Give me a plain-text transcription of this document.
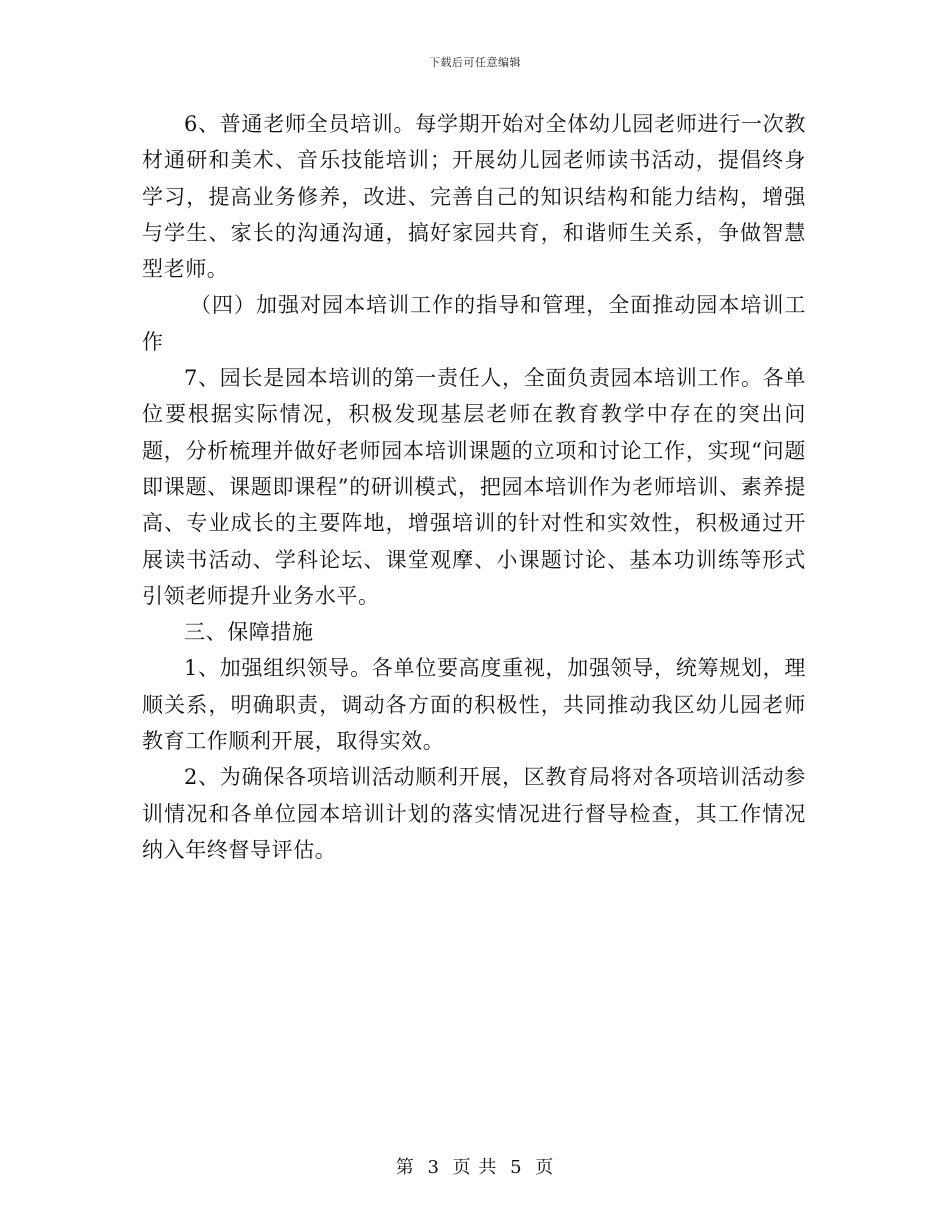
下载后可任意编辑

6、普通老师全员培训。每学期开始对全体幼儿园老师进行一次教材通研和美术、音乐技能培训；开展幼儿园老师读书活动，提倡终身学习，提高业务修养，改进、完善自己的知识结构和能力结构，增强与学生、家长的沟通沟通，搞好家园共育，和谐师生关系，争做智慧型老师。

（四）加强对园本培训工作的指导和管理，全面推动园本培训工作

7、园长是园本培训的第一责任人，全面负责园本培训工作。各单位要根据实际情况，积极发现基层老师在教育教学中存在的突出问题，分析梳理并做好老师园本培训课题的立项和讨论工作，实现“问题即课题、课题即课程”的研训模式，把园本培训作为老师培训、素养提高、专业成长的主要阵地，增强培训的针对性和实效性，积极通过开展读书活动、学科论坛、课堂观摩、小课题讨论、基本功训练等形式引领老师提升业务水平。

三、保障措施

1、加强组织领导。各单位要高度重视，加强领导，统筹规划，理顺关系，明确职责，调动各方面的积极性，共同推动我区幼儿园老师教育工作顺利开展，取得实效。

2、为确保各项培训活动顺利开展，区教育局将对各项培训活动参训情况和各单位园本培训计划的落实情况进行督导检查，其工作情况纳入年终督导评估。

第 3 页 共 5 页
